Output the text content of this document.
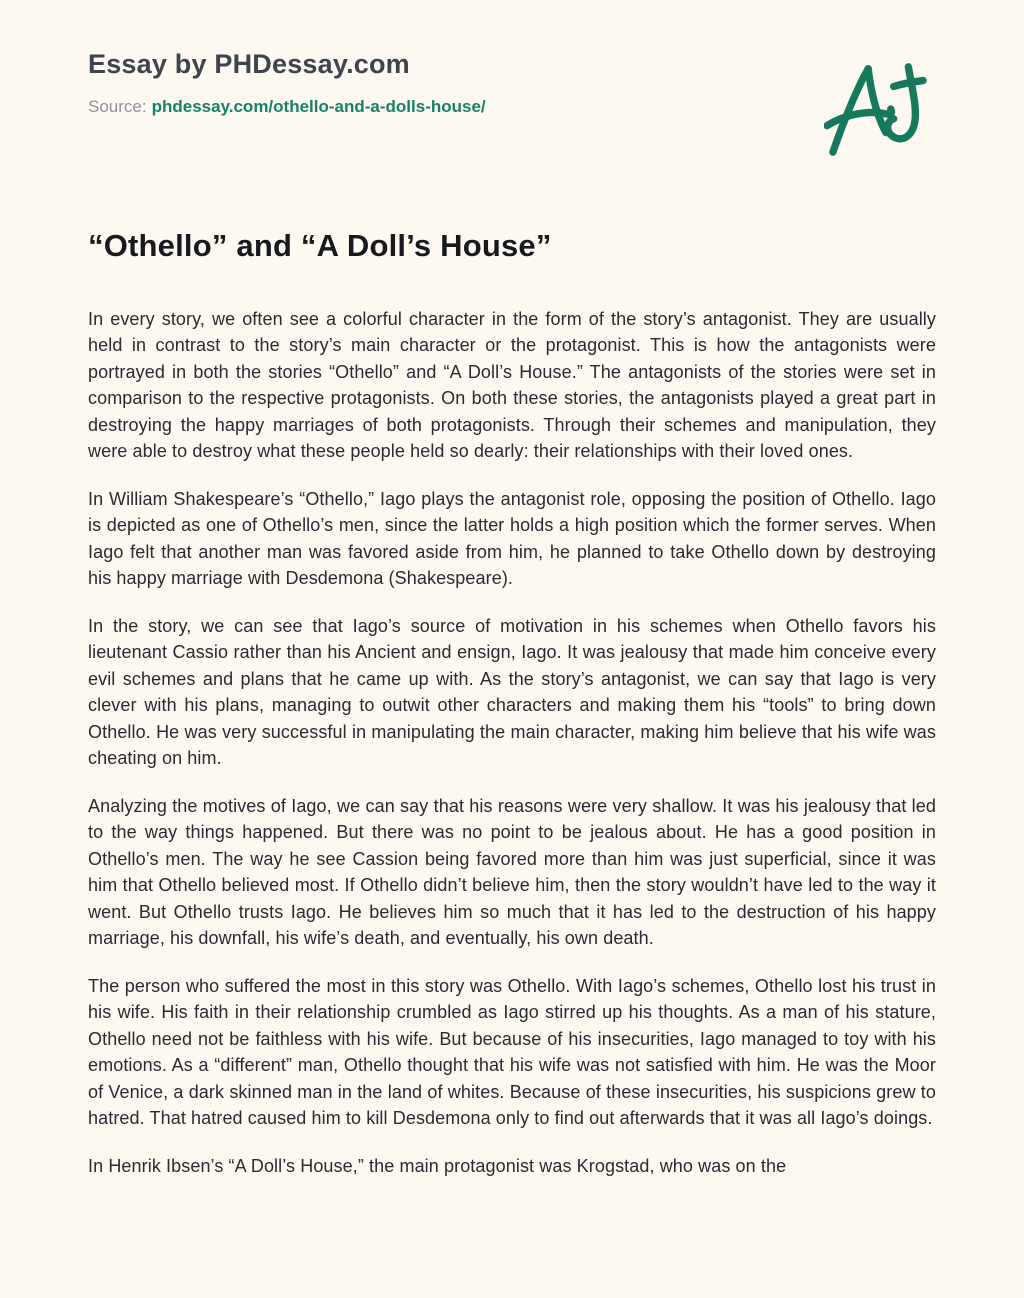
Essay by PHDessay.com
Source: phdessay.com/othello-and-a-dolls-house/
“Othello” and “A Doll’s House”

In every story, we often see a colorful character in the form of the story’s antagonist. They are usually held in contrast to the story’s main character or the protagonist. This is how the antagonists were portrayed in both the stories “Othello” and “A Doll’s House.” The antagonists of the stories were set in comparison to the respective protagonists. On both these stories, the antagonists played a great part in destroying the happy marriages of both protagonists. Through their schemes and manipulation, they were able to destroy what these people held so dearly: their relationships with their loved ones.

In William Shakespeare’s “Othello,” Iago plays the antagonist role, opposing the position of Othello. Iago is depicted as one of Othello’s men, since the latter holds a high position which the former serves. When Iago felt that another man was favored aside from him, he planned to take Othello down by destroying his happy marriage with Desdemona (Shakespeare).

In the story, we can see that Iago’s source of motivation in his schemes when Othello favors his lieutenant Cassio rather than his Ancient and ensign, Iago. It was jealousy that made him conceive every evil schemes and plans that he came up with. As the story’s antagonist, we can say that Iago is very clever with his plans, managing to outwit other characters and making them his “tools” to bring down Othello. He was very successful in manipulating the main character, making him believe that his wife was cheating on him.

Analyzing the motives of Iago, we can say that his reasons were very shallow. It was his jealousy that led to the way things happened. But there was no point to be jealous about. He has a good position in Othello’s men. The way he see Cassion being favored more than him was just superficial, since it was him that Othello believed most. If Othello didn’t believe him, then the story wouldn’t have led to the way it went. But Othello trusts Iago. He believes him so much that it has led to the destruction of his happy marriage, his downfall, his wife’s death, and eventually, his own death.

The person who suffered the most in this story was Othello. With Iago’s schemes, Othello lost his trust in his wife. His faith in their relationship crumbled as Iago stirred up his thoughts. As a man of his stature, Othello need not be faithless with his wife. But because of his insecurities, Iago managed to toy with his emotions. As a “different” man, Othello thought that his wife was not satisfied with him. He was the Moor of Venice, a dark skinned man in the land of whites. Because of these insecurities, his suspicions grew to hatred. That hatred caused him to kill Desdemona only to find out afterwards that it was all Iago’s doings.

In Henrik Ibsen’s “A Doll’s House,” the main protagonist was Krogstad, who was on the
